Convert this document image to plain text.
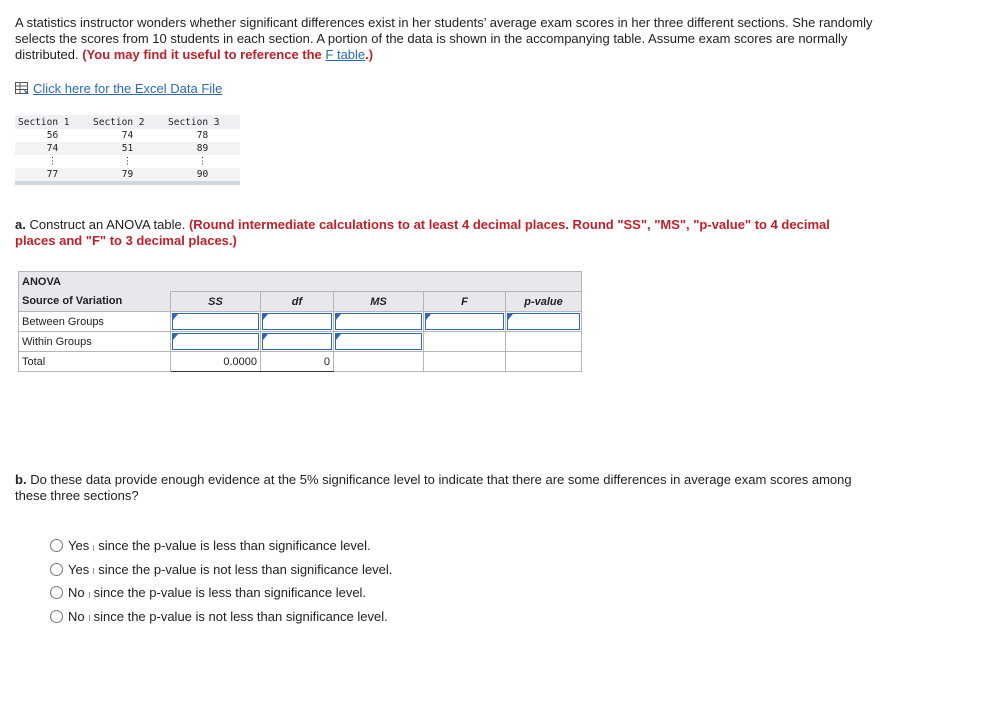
A statistics instructor wonders whether significant differences exist in her students’ average exam scores in her three different sections. She randomly selects the scores from 10 students in each section. A portion of the data is shown in the accompanying table. Assume exam scores are normally distributed. (You may find it useful to reference the F table.)
Click here for the Excel Data File
Section 1	Section 2	Section 3
56	74	78
74	51	89
⋮	⋮	⋮
77	79	90
a. Construct an ANOVA table. (Round intermediate calculations to at least 4 decimal places. Round "SS", "MS", "p-value" to 4 decimal places and "F" to 3 decimal places.)
ANOVA					
Source of Variation	SS	df	MS	F	p-value
Between Groups	

Within Groups	

Total	0.0000	0			
b. Do these data provide enough evidence at the 5% significance level to indicate that there are some differences in average exam scores among these three sections?
Yes since the p-value is less than significance level.
Yes since the p-value is not less than significance level.
No since the p-value is less than significance level.
No since the p-value is not less than significance level.
